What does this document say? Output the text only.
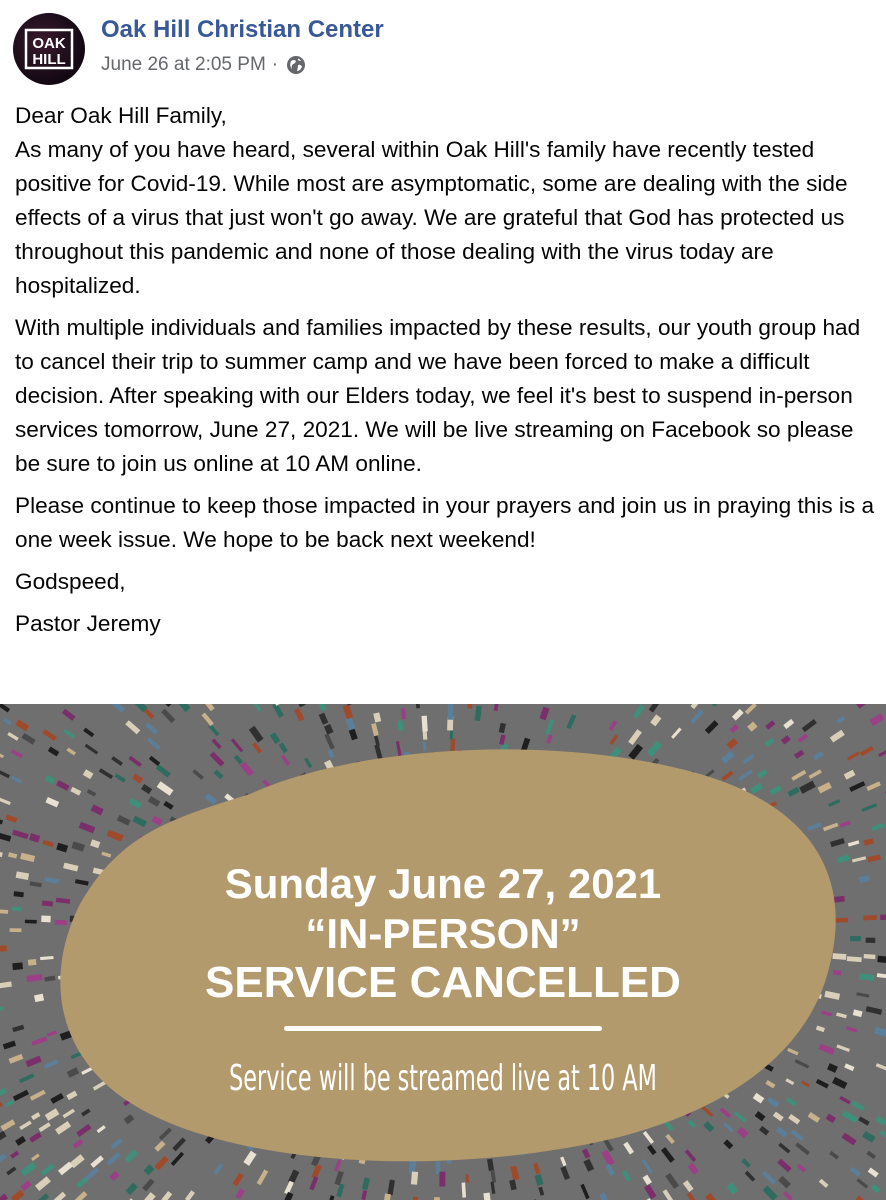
OAK
HILL
Oak Hill Christian Center
June 26 at 2:05 PM ·

Dear Oak Hill Family,

As many of you have heard, several within Oak Hill's family have recently tested positive for Covid-19. While most are asymptomatic, some are dealing with the side effects of a virus that just won't go away. We are grateful that God has protected us throughout this pandemic and none of those dealing with the virus today are hospitalized.

With multiple individuals and families impacted by these results, our youth group had to cancel their trip to summer camp and we have been forced to make a difficult decision. After speaking with our Elders today, we feel it's best to suspend in-person services tomorrow, June 27, 2021. We will be live streaming on Facebook so please be sure to join us online at 10 AM online.

Please continue to keep those impacted in your prayers and join us in praying this is a one week issue. We hope to be back next weekend!

Godspeed,

Pastor Jeremy

Sunday June 27, 2021
“IN-PERSON”
SERVICE CANCELLED
Service will be streamed live at 10 AM
